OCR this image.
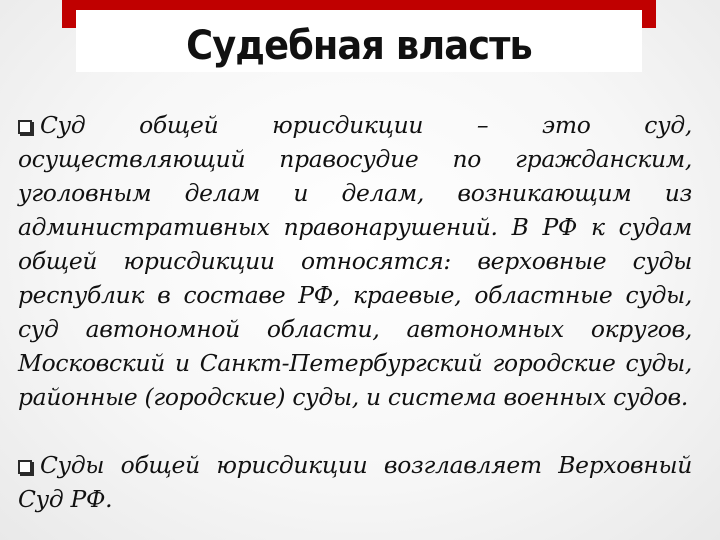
Судебная власть

Суд общей юрисдикции – это суд, осуществляющий правосудие по гражданским, уголовным делам и делам, возникающим из административных правонарушений. В РФ к судам общей юрисдикции относятся: верховные суды республик в составе РФ, краевые, областные суды, суд автономной области, автономных округов, Московский и Санкт-Петербургский городские суды, районные (городские) суды, и система военных судов.

Суды общей юрисдикции возглавляет Верховный Суд РФ.
